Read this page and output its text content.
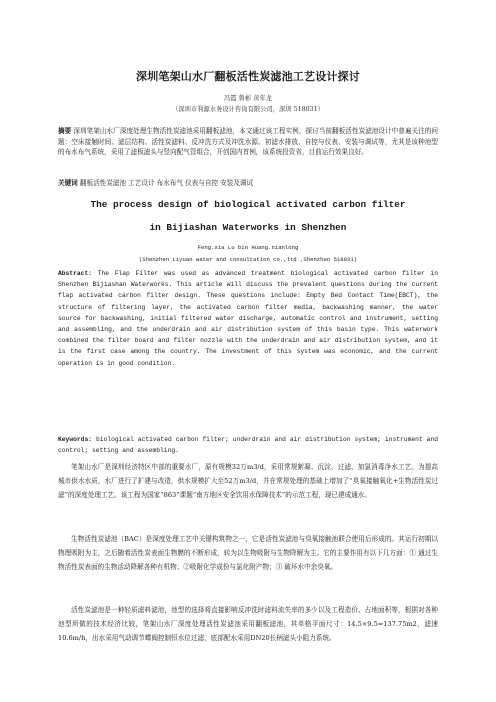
深圳笔架山水厂翻板活性炭滤池工艺设计探讨
冯霞 鲁彬 黄年龙
（深圳市利源水务设计咨询有限公司，深圳 518031）
摘要 深圳笔架山水厂深度处理生物活性炭滤池采用翻板滤池，本文通过该工程实例，探讨当前翻板活性炭滤池设计中普遍关注的问题：空床接触时间、滤层结构、活性炭滤料、反冲洗方式及冲洗水源、初滤水排放、自控与仪表、安装与调试等，尤其是该种池型的布水布气系统，采用了滤板滤头与竖向配气管组合，开创国内首例，该系统投资省，目前运行效果良好。
关键词 翻板活性炭滤池 工艺设计 布水布气 仪表与自控 安装及调试
The process design of biological activated carbon filter
in Bijiashan Waterworks in Shenzhen
Feng.xia Lu bin Huang.nianlong
(Shenzhen Liyuan water and consultation co.,ltd ,Shenzhen 518031)
Abstract: The Flap Filter was used as advanced treatment biological activated carbon filter in Shenzhen Bijiashan Waterworks. This article will discuss the prevalent questions during the current flap activated carbon filter design. These questions include: Empty Bed Contact Time(EBCT), the structure of filtering layer, the activated carbon filter media, backwashing manner, the water source for backwashing, initial filtered water discharge, automatic control and instrument, setting and assembling, and the underdrain and air distribution system of this basin type. This waterwork combined the filter board and filter nozzle with the underdrain and air distribution system, and it is the first case among the country. The investment of this system was economic, and the current operation is in good condition.
Keywords: biological activated carbon filter; underdrain and air distribution system; instrument and control; setting and assembling.
笔架山水厂是深圳经济特区中部的重要水厂，原有规模32万m3/d，采用常规絮凝、沉淀、过滤、加氯消毒净水工艺。为提高城市供水水质，水厂进行了扩建与改造，供水规模扩大至52万m3/d，并在常规处理的基础上增加了“臭氧接触氧化+生物活性炭过滤”的深度处理工艺。该工程为国家“863”课题“南方地区安全饮用水保障技术”的示范工程，现已建成通水。
生物活性炭滤池（BAC）是深度处理工艺中关键构筑物之一，它是活性炭滤池与臭氧接触池联合使用后形成的。其运行初期以物理吸附为主，之后随着活性炭表面生物膜的不断形成，转为以生物吸附与生物降解为主。它的主要作用有以下几方面：① 通过生物活性炭表面的生物活动降解各种有机物；②吸附化学成份与氯化附产物；③ 破坏水中余臭氧。
活性炭滤池是一种轻质滤料滤池，池型的选择将直接影响反冲洗时滤料流失率的多少以及工程造价、占地面积等，根据对各种池型所做的技术经济比较，笔架山水厂深度处理活性炭滤池采用翻板滤池，其单格平面尺寸：14.5×9.5=137.75m2，滤速10.6m/h，出水采用气动调节蝶阀控制恒水位过滤，底部配水采用DN20长柄滤头小阻力系统。
